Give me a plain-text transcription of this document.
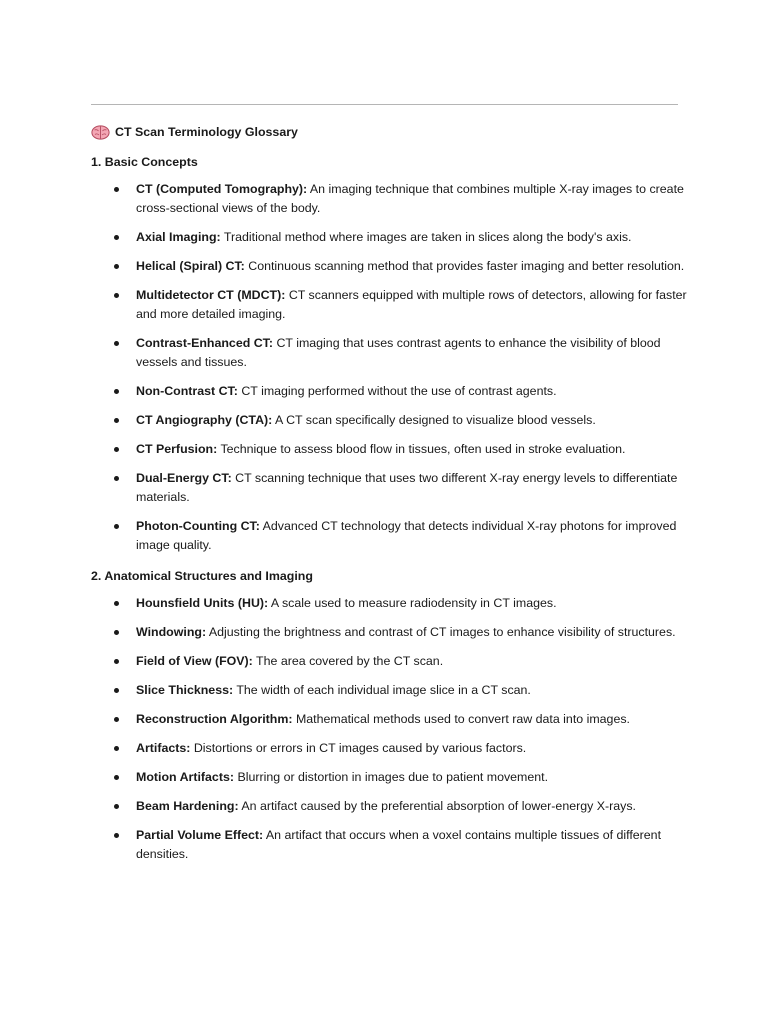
CT Scan Terminology Glossary
1. Basic Concepts
CT (Computed Tomography): An imaging technique that combines multiple X-ray images to create cross-sectional views of the body.
Axial Imaging: Traditional method where images are taken in slices along the body's axis.
Helical (Spiral) CT: Continuous scanning method that provides faster imaging and better resolution.
Multidetector CT (MDCT): CT scanners equipped with multiple rows of detectors, allowing for faster and more detailed imaging.
Contrast-Enhanced CT: CT imaging that uses contrast agents to enhance the visibility of blood vessels and tissues.
Non-Contrast CT: CT imaging performed without the use of contrast agents.
CT Angiography (CTA): A CT scan specifically designed to visualize blood vessels.
CT Perfusion: Technique to assess blood flow in tissues, often used in stroke evaluation.
Dual-Energy CT: CT scanning technique that uses two different X-ray energy levels to differentiate materials.
Photon-Counting CT: Advanced CT technology that detects individual X-ray photons for improved image quality.
2. Anatomical Structures and Imaging
Hounsfield Units (HU): A scale used to measure radiodensity in CT images.
Windowing: Adjusting the brightness and contrast of CT images to enhance visibility of structures.
Field of View (FOV): The area covered by the CT scan.
Slice Thickness: The width of each individual image slice in a CT scan.
Reconstruction Algorithm: Mathematical methods used to convert raw data into images.
Artifacts: Distortions or errors in CT images caused by various factors.
Motion Artifacts: Blurring or distortion in images due to patient movement.
Beam Hardening: An artifact caused by the preferential absorption of lower-energy X-rays.
Partial Volume Effect: An artifact that occurs when a voxel contains multiple tissues of different densities.
